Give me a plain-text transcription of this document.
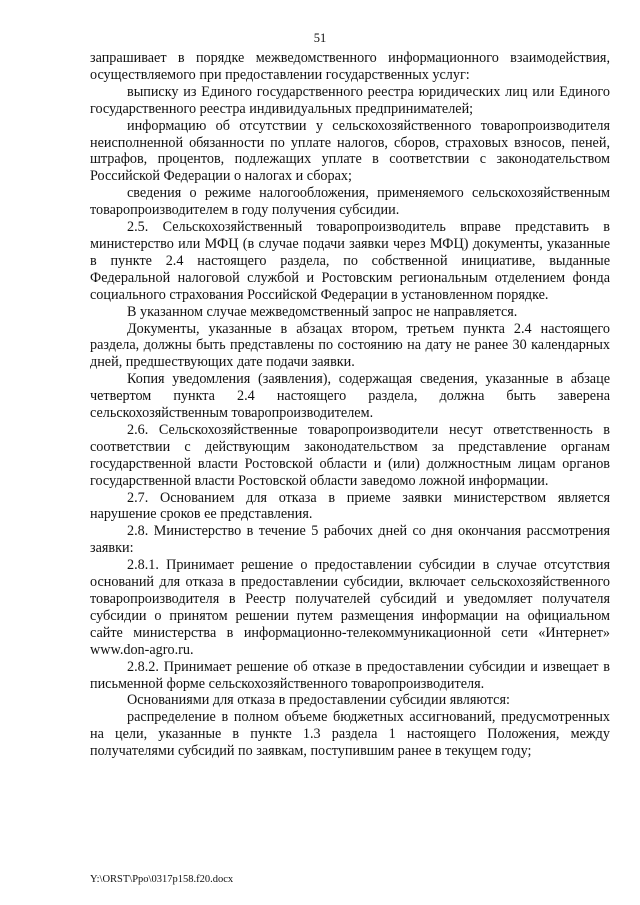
51

запрашивает в порядке межведомственного информационного взаимодействия, осуществляемого при предоставлении государственных услуг:

выписку из Единого государственного реестра юридических лиц или Единого государственного реестра индивидуальных предпринимателей;

информацию об отсутствии у сельскохозяйственного товаропроизводителя неисполненной обязанности по уплате налогов, сборов, страховых взносов, пеней, штрафов, процентов, подлежащих уплате в соответствии с законодательством Российской Федерации о налогах и сборах;

сведения о режиме налогообложения, применяемого сельскохозяйственным товаропроизводителем в году получения субсидии.

2.5. Сельскохозяйственный товаропроизводитель вправе представить в министерство или МФЦ (в случае подачи заявки через МФЦ) документы, указанные в пункте 2.4 настоящего раздела, по собственной инициативе, выданные Федеральной налоговой службой и Ростовским региональным отделением фонда социального страхования Российской Федерации в установленном порядке.

В указанном случае межведомственный запрос не направляется.

Документы, указанные в абзацах втором, третьем пункта 2.4 настоящего раздела, должны быть представлены по состоянию на дату не ранее 30 календарных дней, предшествующих дате подачи заявки.

Копия уведомления (заявления), содержащая сведения, указанные в абзаце четвертом пункта 2.4 настоящего раздела, должна быть заверена сельскохозяйственным товаропроизводителем.

2.6. Сельскохозяйственные товаропроизводители несут ответственность в соответствии с действующим законодательством за представление органам государственной власти Ростовской области и (или) должностным лицам органов государственной власти Ростовской области заведомо ложной информации.

2.7. Основанием для отказа в приеме заявки министерством является нарушение сроков ее представления.

2.8. Министерство в течение 5 рабочих дней со дня окончания рассмотрения заявки:

2.8.1. Принимает решение о предоставлении субсидии в случае отсутствия оснований для отказа в предоставлении субсидии, включает сельскохозяйственного товаропроизводителя в Реестр получателей субсидий и уведомляет получателя субсидии о принятом решении путем размещения информации на официальном сайте министерства в информационно-телекоммуникационной сети «Интернет» www.don-agro.ru.

2.8.2. Принимает решение об отказе в предоставлении субсидии и извещает в письменной форме сельскохозяйственного товаропроизводителя.

Основаниями для отказа в предоставлении субсидии являются:

распределение в полном объеме бюджетных ассигнований, предусмотренных на цели, указанные в пункте 1.3 раздела 1 настоящего Положения, между получателями субсидий по заявкам, поступившим ранее в текущем году;

Y:\ORST\Ppo\0317p158.f20.docx
